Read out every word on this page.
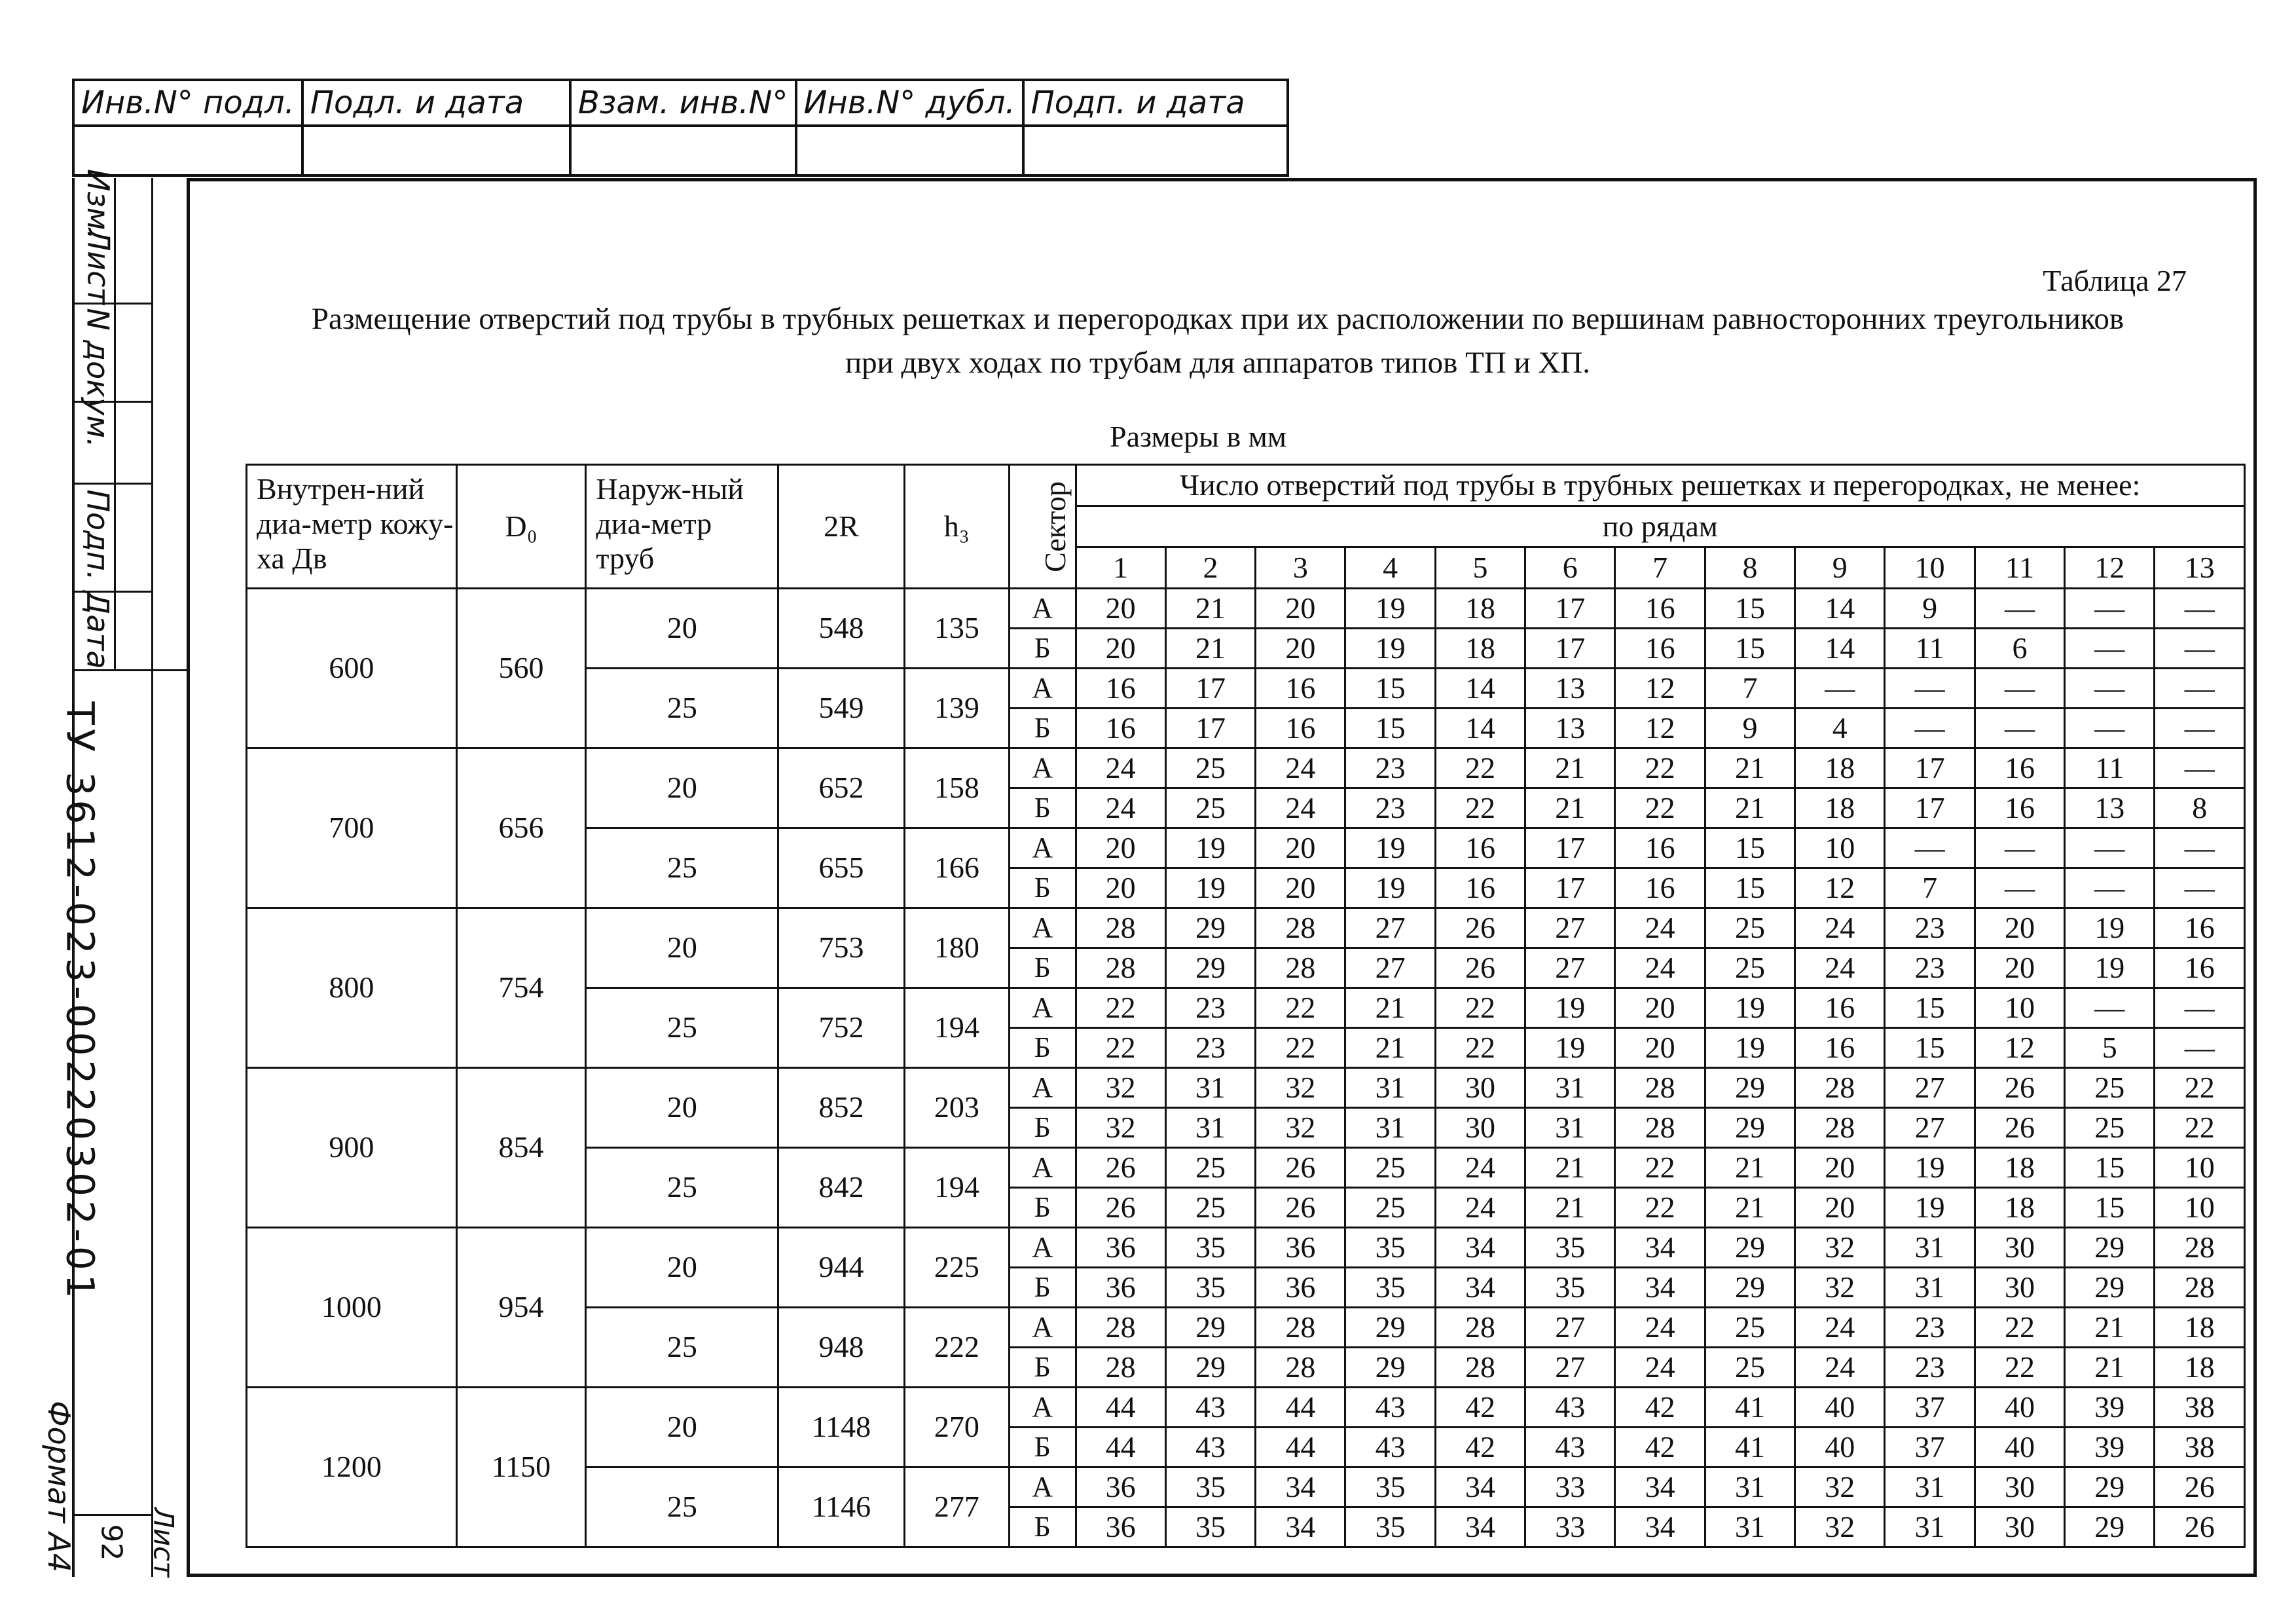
Инв.N° подл.	Подл. и дата	Взам. инв.N°	Инв.N° дубл.	Подп. и дата

Изм.
Лист
N докум.
Подп.
Дата
ТУ 3612-023-00220302-01
Формат А4	Лист
92
Таблица 27
Размещение отверстий под трубы в трубных решетках и перегородках при их расположении по вершинам равносторонних треугольников
при двух ходах по трубам для аппаратов типов ТП и ХП.
Размеры в мм
Внутрен-ний диа-метр кожу-ха Дв	D₀	Наруж-ный диа-метр труб	2R	h₃	Сектор	Число отверстий под трубы в трубных решетках и перегородках, не менее:												
						по рядам												
						1	2	3	4	5	6	7	8	9	10	11	12	13
600	560	20	548	135	А	20	21	20	19	18	17	16	15	14	9	—	—	—
					Б	20	21	20	19	18	17	16	15	14	11	6	—	—
		25	549	139	А	16	17	16	15	14	13	12	7	—	—	—	—	—
					Б	16	17	16	15	14	13	12	9	4	—	—	—	—
700	656	20	652	158	А	24	25	24	23	22	21	22	21	18	17	16	11	—
					Б	24	25	24	23	22	21	22	21	18	17	16	13	8
		25	655	166	А	20	19	20	19	16	17	16	15	10	—	—	—	—
					Б	20	19	20	19	16	17	16	15	12	7	—	—	—
800	754	20	753	180	А	28	29	28	27	26	27	24	25	24	23	20	19	16
					Б	28	29	28	27	26	27	24	25	24	23	20	19	16
		25	752	194	А	22	23	22	21	22	19	20	19	16	15	10	—	—
					Б	22	23	22	21	22	19	20	19	16	15	12	5	—
900	854	20	852	203	А	32	31	32	31	30	31	28	29	28	27	26	25	22
					Б	32	31	32	31	30	31	28	29	28	27	26	25	22
		25	842	194	А	26	25	26	25	24	21	22	21	20	19	18	15	10
					Б	26	25	26	25	24	21	22	21	20	19	18	15	10
1000	954	20	944	225	А	36	35	36	35	34	35	34	29	32	31	30	29	28
					Б	36	35	36	35	34	35	34	29	32	31	30	29	28
		25	948	222	А	28	29	28	29	28	27	24	25	24	23	22	21	18
					Б	28	29	28	29	28	27	24	25	24	23	22	21	18
1200	1150	20	1148	270	А	44	43	44	43	42	43	42	41	40	37	40	39	38
					Б	44	43	44	43	42	43	42	41	40	37	40	39	38
		25	1146	277	А	36	35	34	35	34	33	34	31	32	31	30	29	26
					Б	36	35	34	35	34	33	34	31	32	31	30	29	26
